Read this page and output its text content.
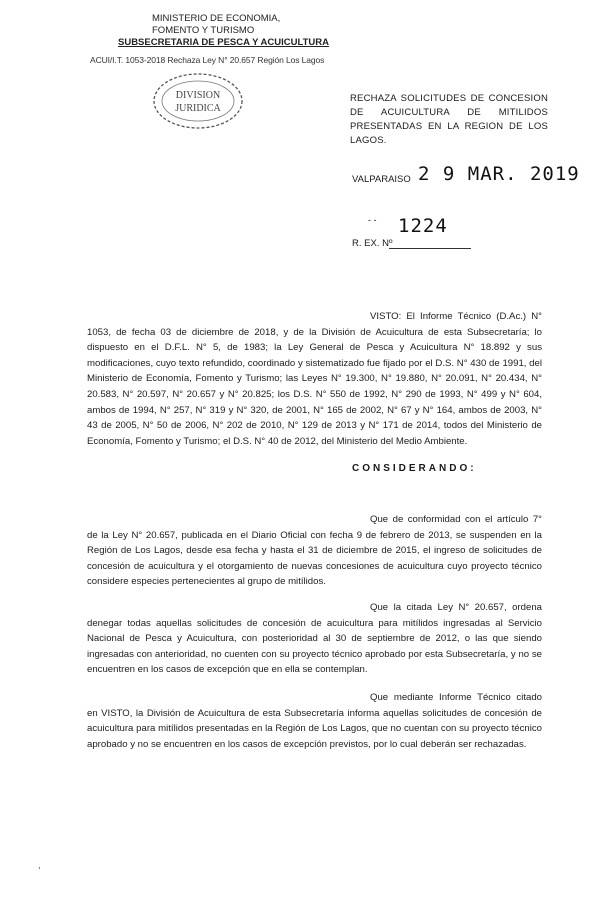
MINISTERIO DE ECONOMIA,
FOMENTO Y TURISMO
SUBSECRETARIA DE PESCA Y ACUICULTURA
ACUI/I.T. 1053-2018 Rechaza Ley N° 20.657 Región Los Lagos
DIVISION
JURIDICA
RECHAZA SOLICITUDES DE CONCESION DE ACUICULTURA DE MITILIDOS PRESENTADAS EN LA REGION DE LOS LAGOS.
VALPARAISO 2 9 MAR. 2019
- - 1224
R. EX. Nº
VISTO: El Informe Técnico (D.Ac.) N° 1053, de fecha 03 de diciembre de 2018, y de la División de Acuicultura de esta Subsecretaría; lo dispuesto en el D.F.L. N° 5, de 1983; la Ley General de Pesca y Acuicultura N° 18.892 y sus modificaciones, cuyo texto refundido, coordinado y sistematizado fue fijado por el D.S. N° 430 de 1991, del Ministerio de Economía, Fomento y Turismo; las Leyes N° 19.300, N° 19.880, N° 20.091, N° 20.434, N° 20.583, N° 20.597, N° 20.657 y N° 20.825; los D.S. N° 550 de 1992, N° 290 de 1993, N° 499 y N° 604, ambos de 1994, N° 257, N° 319 y N° 320, de 2001, N° 165 de 2002, N° 67 y N° 164, ambos de 2003, N° 43 de 2005, N° 50 de 2006, N° 202 de 2010, N° 129 de 2013 y N° 171 de 2014, todos del Ministerio de Economía, Fomento y Turismo; el D.S. N° 40 de 2012, del Ministerio del Medio Ambiente.
CONSIDERANDO:
Que de conformidad con el artículo 7° de la Ley N° 20.657, publicada en el Diario Oficial con fecha 9 de febrero de 2013, se suspenden en la Región de Los Lagos, desde esa fecha y hasta el 31 de diciembre de 2015, el ingreso de solicitudes de concesión de acuicultura y el otorgamiento de nuevas concesiones de acuicultura cuyo proyecto técnico considere especies pertenecientes al grupo de mitílidos.
Que la citada Ley N° 20.657, ordena denegar todas aquellas solicitudes de concesión de acuicultura para mitílidos ingresadas al Servicio Nacional de Pesca y Acuicultura, con posterioridad al 30 de septiembre de 2012, o las que siendo ingresadas con anterioridad, no cuenten con su proyecto técnico aprobado por esta Subsecretaría, y no se encuentren en los casos de excepción que en ella se contemplan.
Que mediante Informe Técnico citado en VISTO, la División de Acuicultura de esta Subsecretaría informa aquellas solicitudes de concesión de acuicultura para mitílidos presentadas en la Región de Los Lagos, que no cuentan con su proyecto técnico aprobado y no se encuentren en los casos de excepción previstos, por lo cual deberán ser rechazadas.
,
